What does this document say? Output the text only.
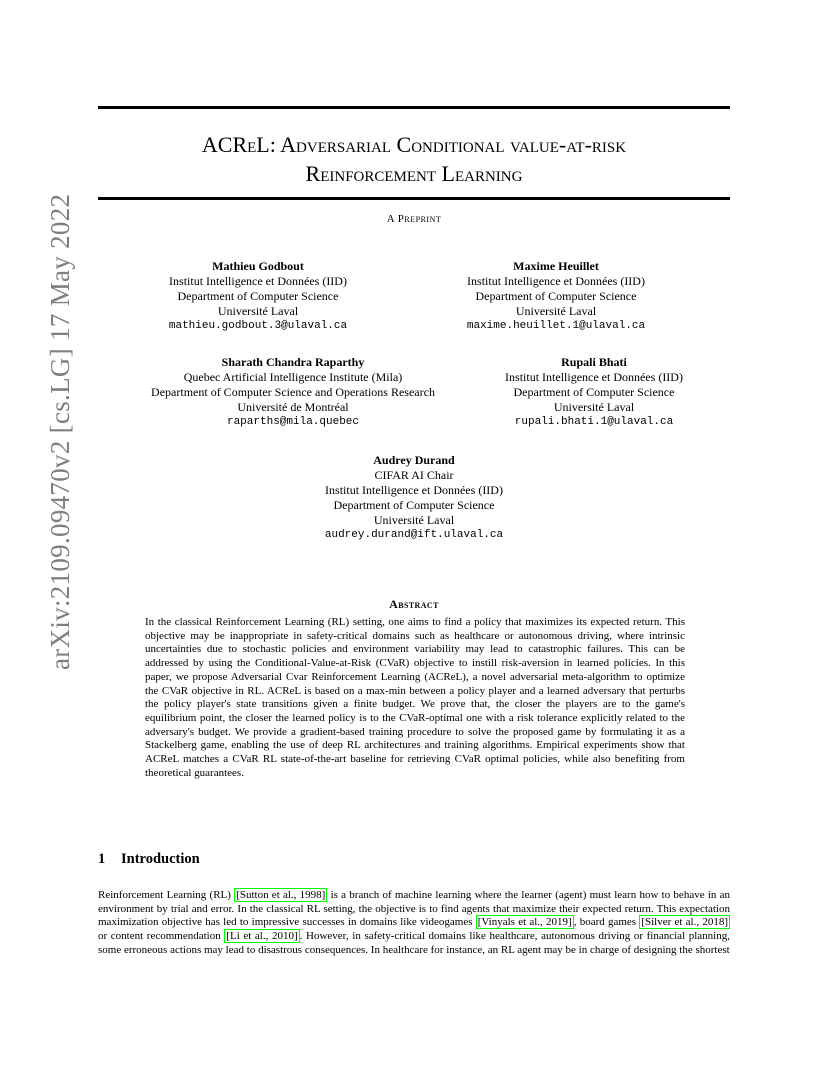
arXiv:2109.09470v2 [cs.LG] 17 May 2022
ACReL: Adversarial Conditional value-at-risk
Reinforcement Learning
A Preprint
Mathieu Godbout
Institut Intelligence et Données (IID)
Department of Computer Science
Université Laval
mathieu.godbout.3@ulaval.ca
Maxime Heuillet
Institut Intelligence et Données (IID)
Department of Computer Science
Université Laval
maxime.heuillet.1@ulaval.ca
Sharath Chandra Raparthy
Quebec Artificial Intelligence Institute (Mila)
Department of Computer Science and Operations Research
Université de Montréal
raparths@mila.quebec
Rupali Bhati
Institut Intelligence et Données (IID)
Department of Computer Science
Université Laval
rupali.bhati.1@ulaval.ca
Audrey Durand
CIFAR AI Chair
Institut Intelligence et Données (IID)
Department of Computer Science
Université Laval
audrey.durand@ift.ulaval.ca
Abstract
In the classical Reinforcement Learning (RL) setting, one aims to find a policy that maximizes its expected return. This objective may be inappropriate in safety-critical domains such as healthcare or autonomous driving, where intrinsic uncertainties due to stochastic policies and environment variability may lead to catastrophic failures. This can be addressed by using the Conditional-Value-at-Risk (CVaR) objective to instill risk-aversion in learned policies. In this paper, we propose Adversarial Cvar Reinforcement Learning (ACReL), a novel adversarial meta-algorithm to optimize the CVaR objective in RL. ACReL is based on a max-min between a policy player and a learned adversary that perturbs the policy player's state transitions given a finite budget. We prove that, the closer the players are to the game's equilibrium point, the closer the learned policy is to the CVaR-optimal one with a risk tolerance explicitly related to the adversary's budget. We provide a gradient-based training procedure to solve the proposed game by formulating it as a Stackelberg game, enabling the use of deep RL architectures and training algorithms. Empirical experiments show that ACReL matches a CVaR RL state-of-the-art baseline for retrieving CVaR optimal policies, while also benefiting from theoretical guarantees.
1 Introduction
Reinforcement Learning (RL) [Sutton et al., 1998] is a branch of machine learning where the learner (agent) must learn how to behave in an environment by trial and error. In the classical RL setting, the objective is to find agents that maximize their expected return. This expectation maximization objective has led to impressive successes in domains like videogames [Vinyals et al., 2019] , board games [Silver et al., 2018] or content recommendation [Li et al., 2010] . However, in safety-critical domains like healthcare, autonomous driving or financial planning, some erroneous actions may lead to disastrous consequences. In healthcare for instance, an RL agent may be in charge of designing the shortest
